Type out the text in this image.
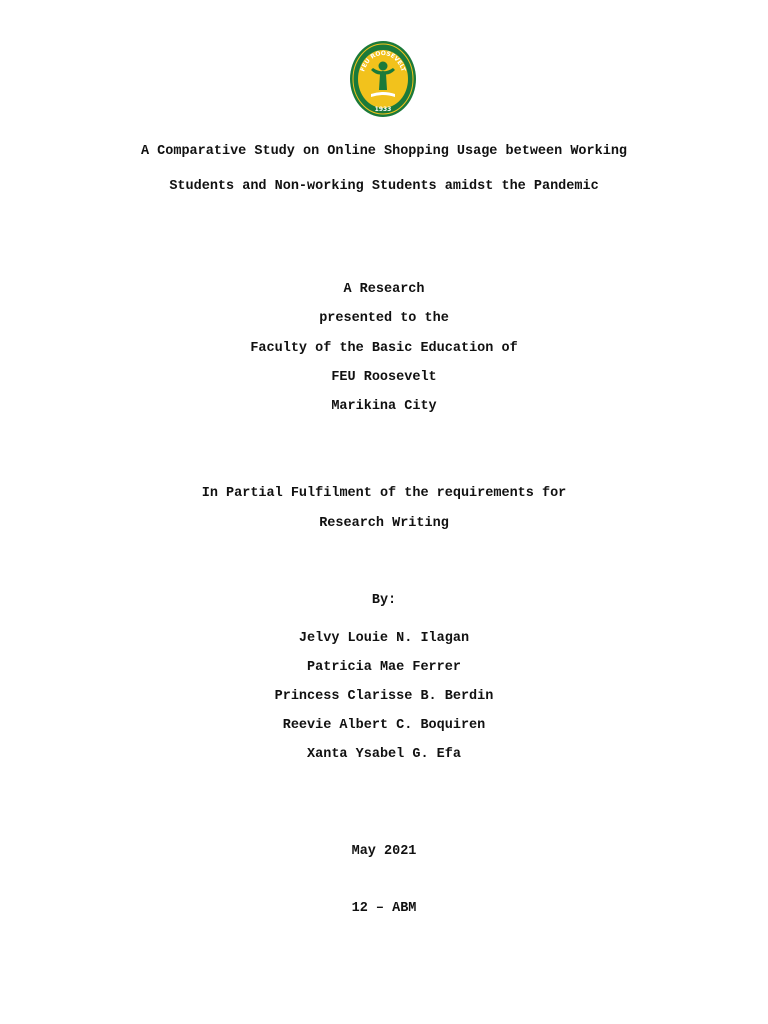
FEU ROOSEVELT
1933
A Comparative Study on Online Shopping Usage between Working
Students and Non-working Students amidst the Pandemic
A Research
presented to the
Faculty of the Basic Education of
FEU Roosevelt
Marikina City
In Partial Fulfilment of the requirements for
Research Writing
By:
Jelvy Louie N. Ilagan
Patricia Mae Ferrer
Princess Clarisse B. Berdin
Reevie Albert C. Boquiren
Xanta Ysabel G. Efa
May 2021
12 – ABM
